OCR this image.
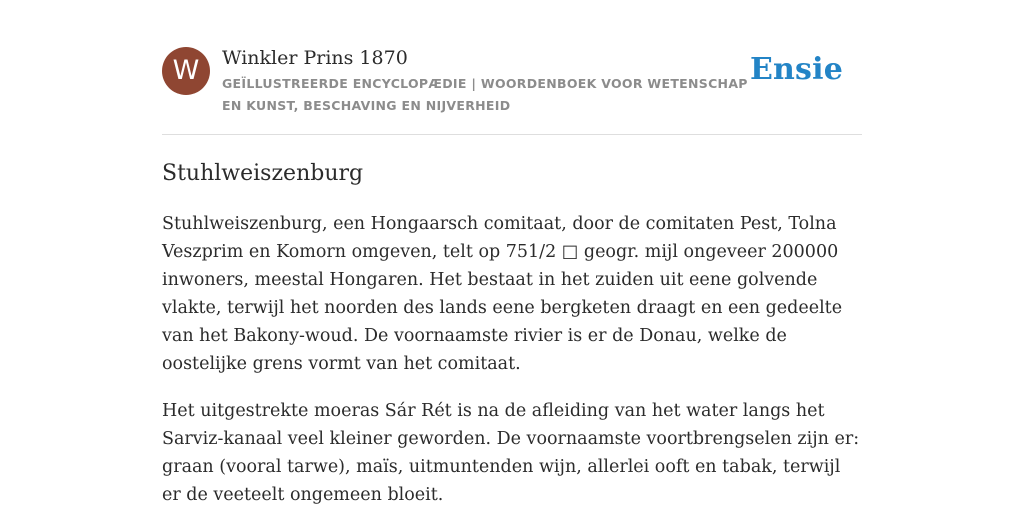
W	Winkler Prins 1870
GEÏLLUSTREERDE ENCYCLOPÆDIE | WOORDENBOEK VOOR WETENSCHAP EN KUNST, BESCHAVING EN NIJVERHEID
Ensie
Stuhlweiszenburg

Stuhlweiszenburg, een Hongaarsch comitaat, door de comitaten Pest, Tolna Veszprim en Komorn omgeven, telt op 751/2 □ geogr. mijl ongeveer 200000 inwoners, meestal Hongaren. Het bestaat in het zuiden uit eene golvende vlakte, terwijl het noorden des lands eene bergketen draagt en een gedeelte van het Bakony-woud. De voornaamste rivier is er de Donau, welke de oostelijke grens vormt van het comitaat.

Het uitgestrekte moeras Sár Rét is na de afleiding van het water langs het Sarviz-kanaal veel kleiner geworden. De voornaamste voortbrengselen zijn er: graan (vooral tarwe), maïs, uitmuntenden wijn, allerlei ooft en tabak, terwijl er de veeteelt ongemeen bloeit.
